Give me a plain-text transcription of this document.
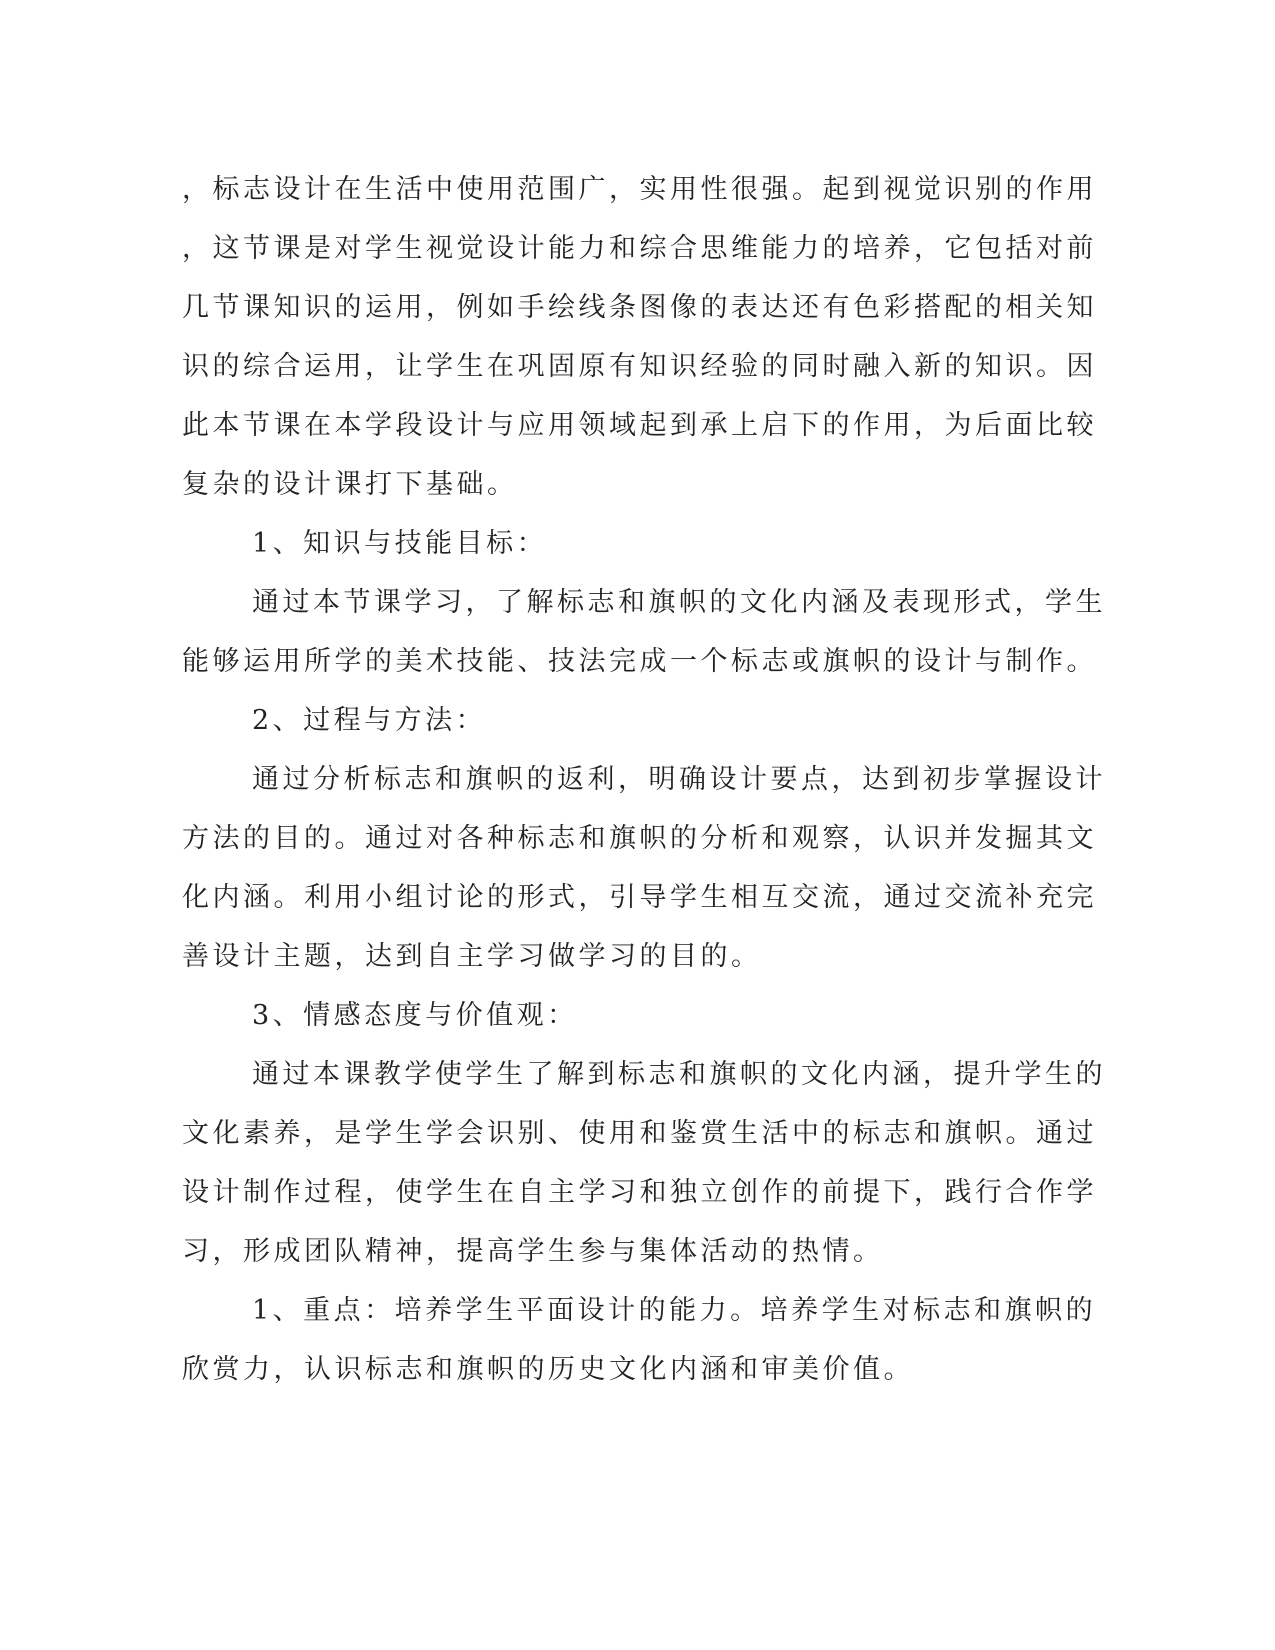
，标志设计在生活中使用范围广，实用性很强。起到视觉识别的作用
，这节课是对学生视觉设计能力和综合思维能力的培养，它包括对前
几节课知识的运用，例如手绘线条图像的表达还有色彩搭配的相关知
识的综合运用，让学生在巩固原有知识经验的同时融入新的知识。因
此本节课在本学段设计与应用领域起到承上启下的作用，为后面比较
复杂的设计课打下基础。
1、知识与技能目标：
通过本节课学习，了解标志和旗帜的文化内涵及表现形式，学生
能够运用所学的美术技能、技法完成一个标志或旗帜的设计与制作。
2、过程与方法：
通过分析标志和旗帜的返利，明确设计要点，达到初步掌握设计
方法的目的。通过对各种标志和旗帜的分析和观察，认识并发掘其文
化内涵。利用小组讨论的形式，引导学生相互交流，通过交流补充完
善设计主题，达到自主学习做学习的目的。
3、情感态度与价值观：
通过本课教学使学生了解到标志和旗帜的文化内涵，提升学生的
文化素养，是学生学会识别、使用和鉴赏生活中的标志和旗帜。通过
设计制作过程，使学生在自主学习和独立创作的前提下，践行合作学
习，形成团队精神，提高学生参与集体活动的热情。
1、重点：培养学生平面设计的能力。培养学生对标志和旗帜的
欣赏力，认识标志和旗帜的历史文化内涵和审美价值。
